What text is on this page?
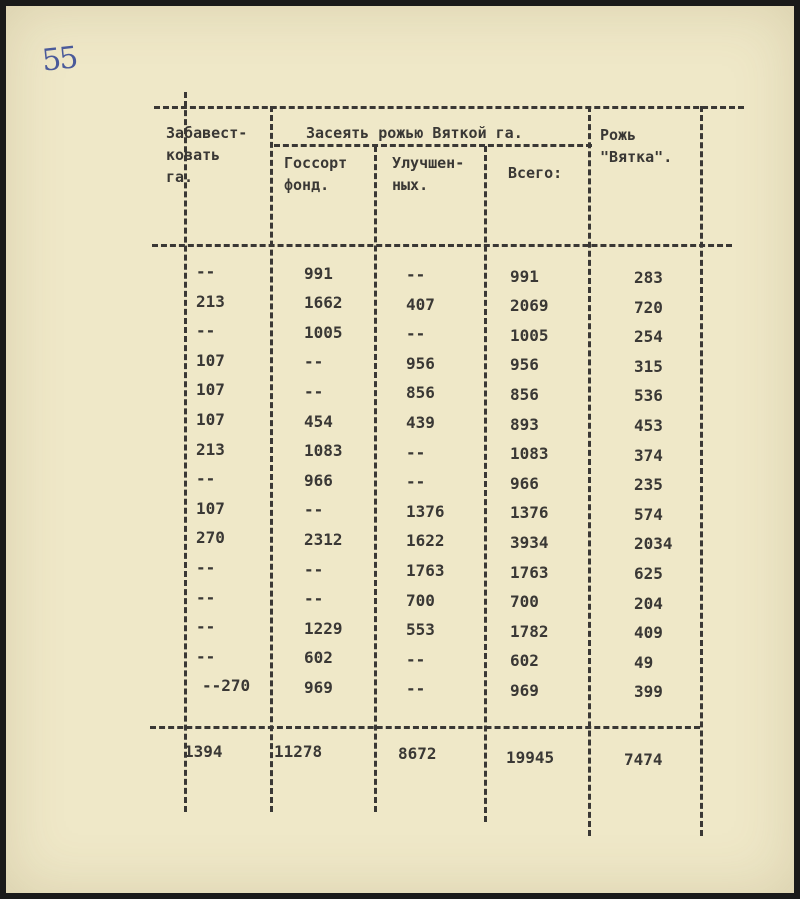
55
Забавест-
ковать
га.
Засеять рожью Вяткой га.
Госсорт
фонд.
Улучшен-
ных.
Всего:
Рожь
"Вятка".
--	991	--	991	283
213	1662	407	2069	720
--	1005	--	1005	254
107	--	956	956	315
107	--	856	856	536
107	454	439	893	453
213	1083	--	1083	374
--	966	--	966	235
107	--	1376	1376	574
270	2312	1622	3934	2034
--	--	1763	1763	625
--	--	700	700	204
--	1229	553	1782	409
--	602	--	602	49
--270	969	--	969	399
1394	11278	8672	19945	7474
